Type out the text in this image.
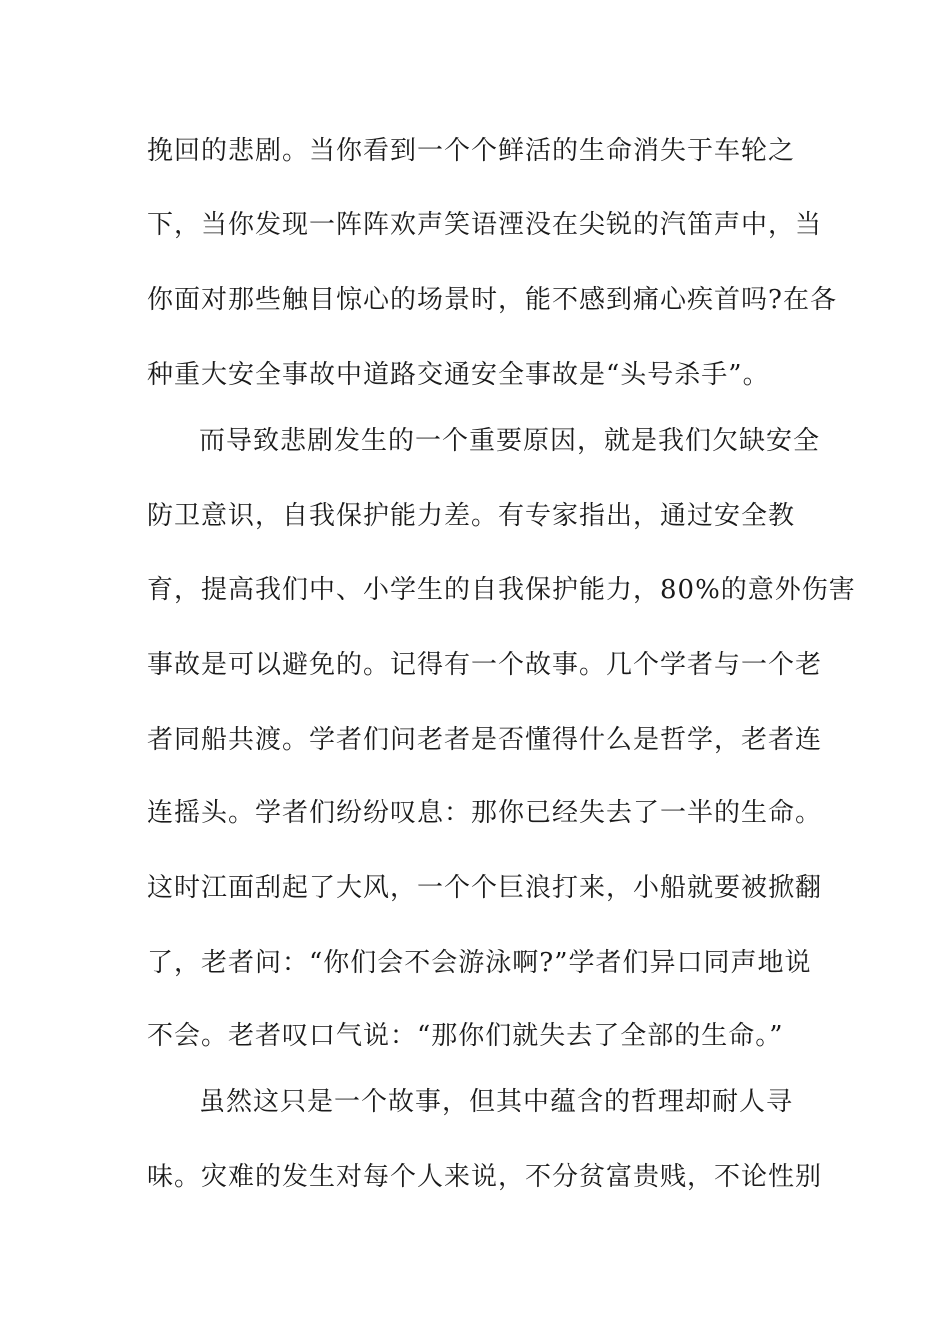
挽回的悲剧。当你看到一个个鲜活的生命消失于车轮之
下，当你发现一阵阵欢声笑语湮没在尖锐的汽笛声中，当
你面对那些触目惊心的场景时，能不感到痛心疾首吗?在各
种重大安全事故中道路交通安全事故是“头号杀手”。
而导致悲剧发生的一个重要原因，就是我们欠缺安全
防卫意识，自我保护能力差。有专家指出，通过安全教
育，提高我们中、小学生的自我保护能力，80%的意外伤害
事故是可以避免的。记得有一个故事。几个学者与一个老
者同船共渡。学者们问老者是否懂得什么是哲学，老者连
连摇头。学者们纷纷叹息：那你已经失去了一半的生命。
这时江面刮起了大风，一个个巨浪打来，小船就要被掀翻
了，老者问：“你们会不会游泳啊?”学者们异口同声地说
不会。老者叹口气说：“那你们就失去了全部的生命。”
虽然这只是一个故事，但其中蕴含的哲理却耐人寻
味。灾难的发生对每个人来说，不分贫富贵贱，不论性别
